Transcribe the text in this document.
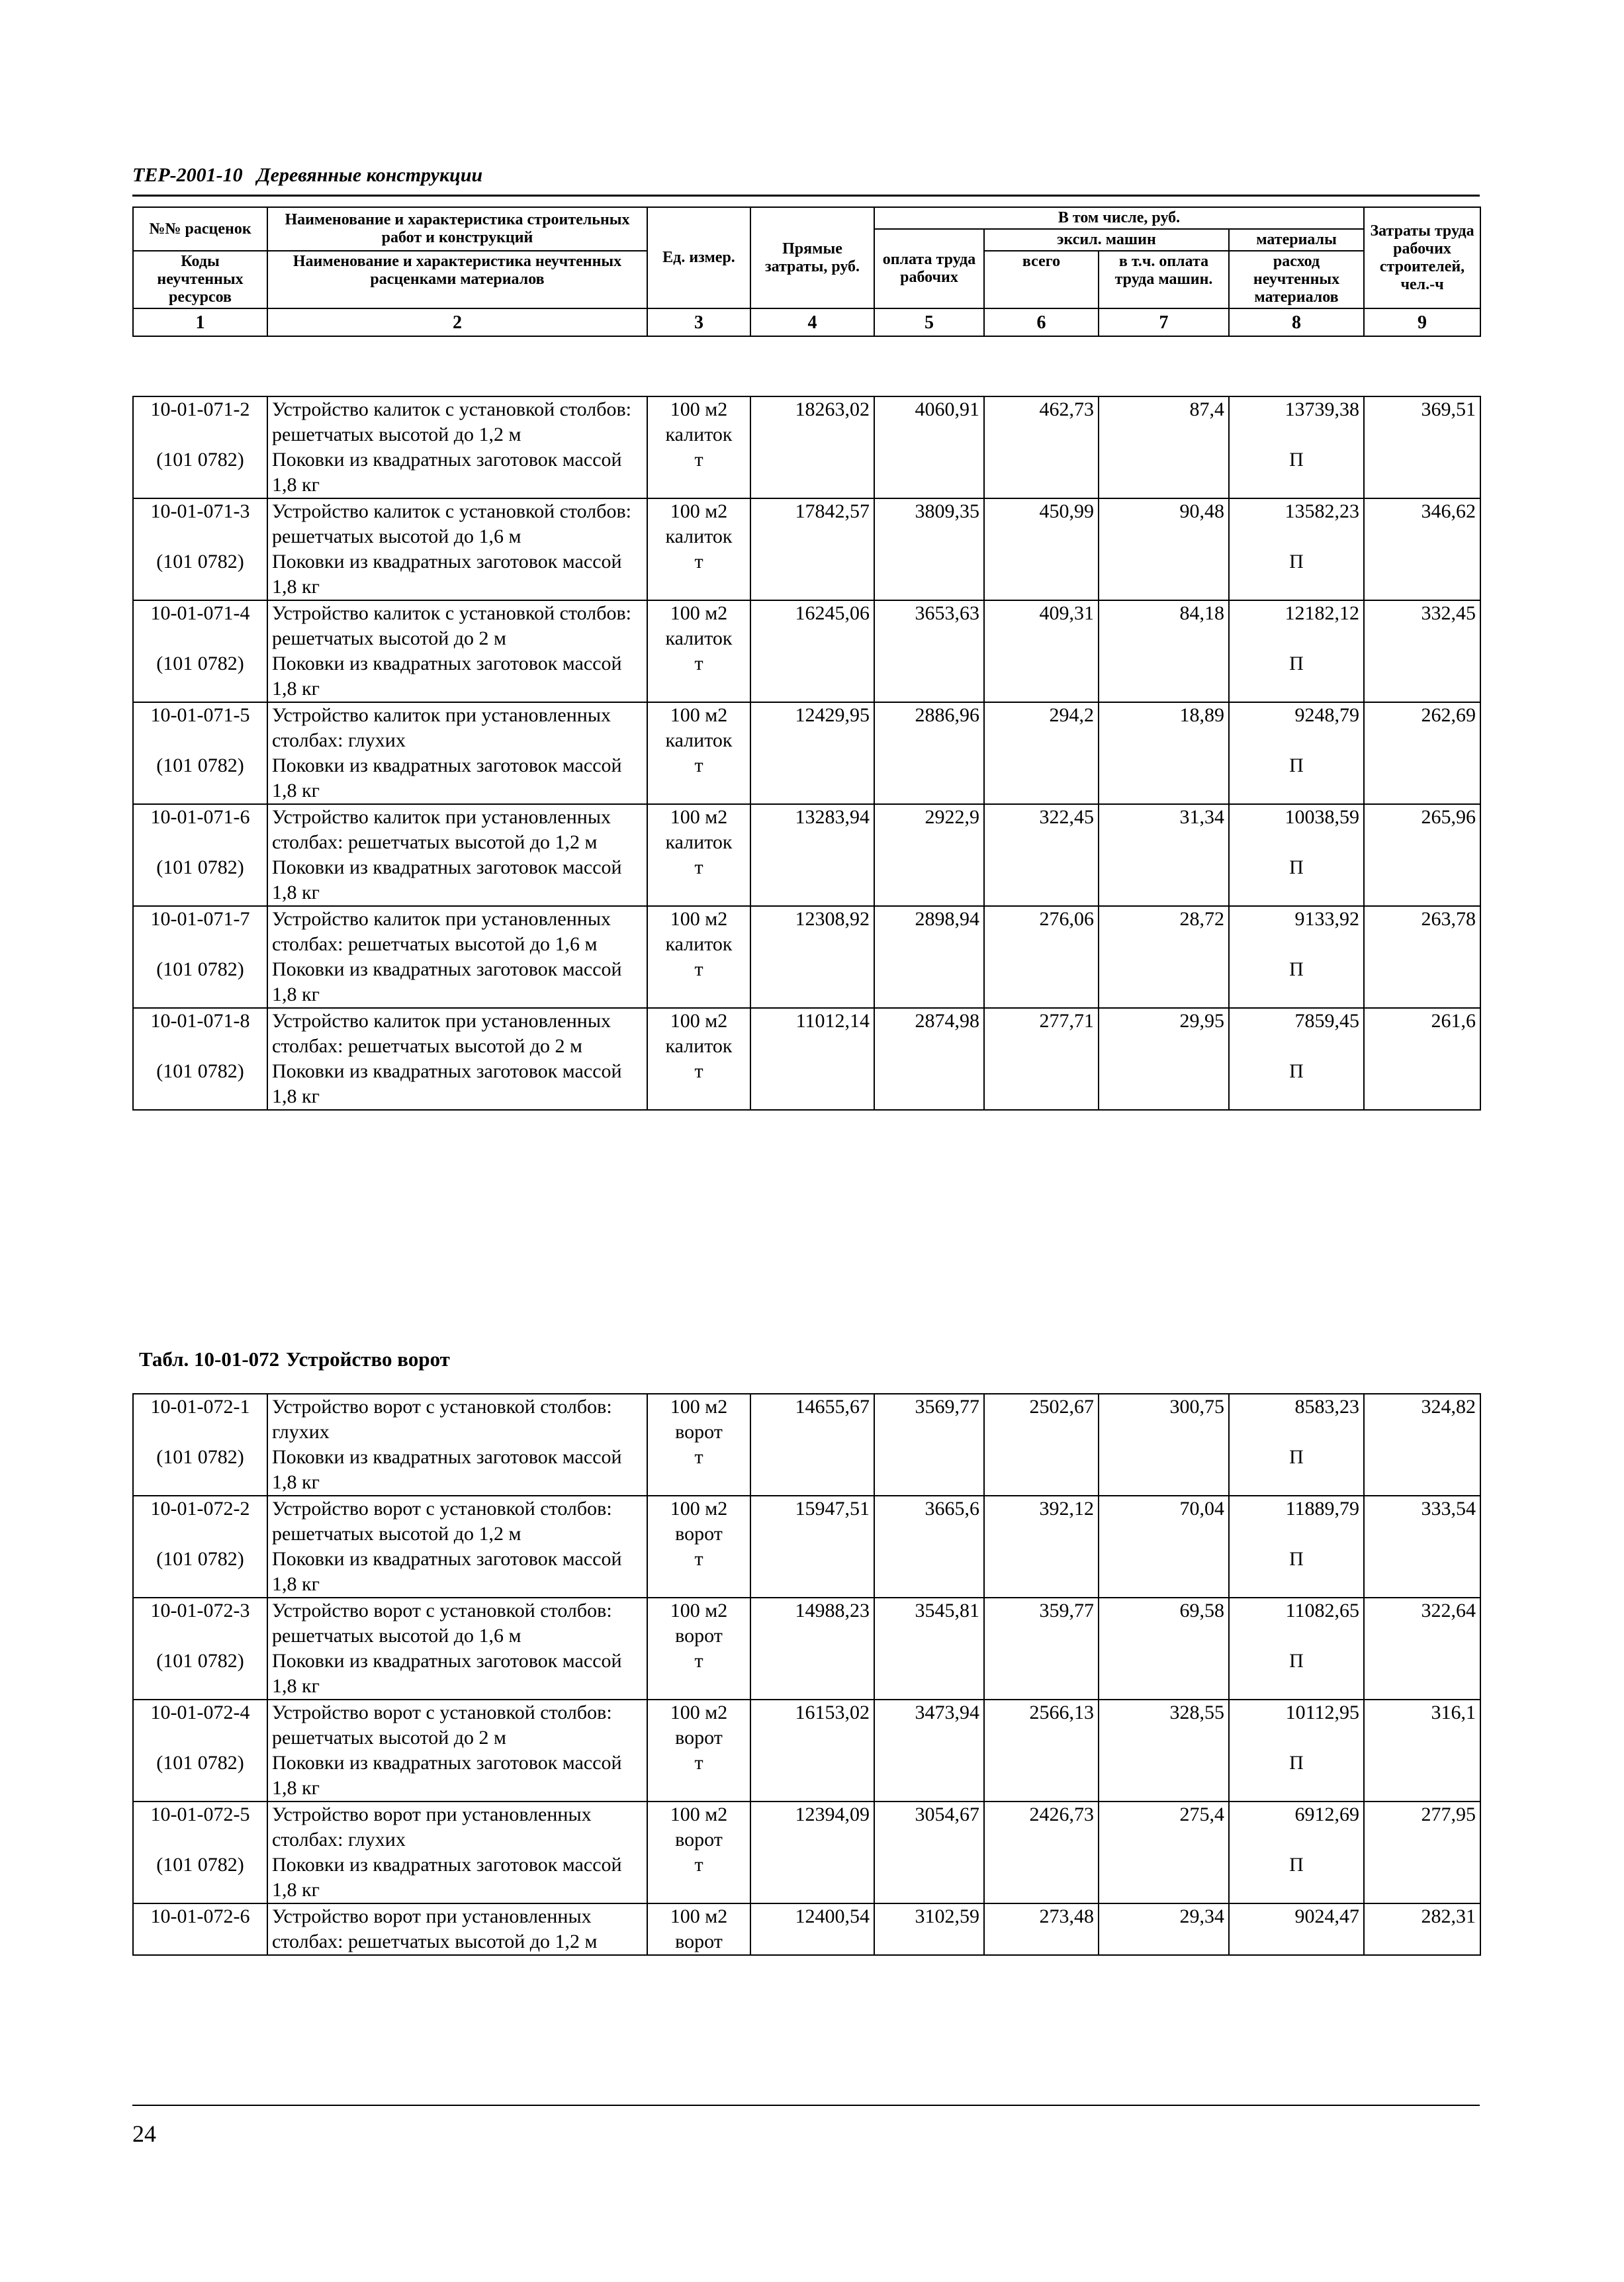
ТЕР-2001-10 Деревянные конструкции
№№ расценок	Наименование и характеристика строительных работ и конструкций	Ед. измер.	Прямые затраты, руб.	В том числе, руб.				Затраты труда рабочих строителей, чел.-ч
				оплата труда рабочих	эксил. машин		материалы	
Коды неучтенных ресурсов	Наименование и характеристика неучтенных расценками материалов				всего	в т.ч. оплата труда машин.	расход неучтенных материалов	
1	2	3	4	5	6	7	8	9
10-01-071-2	Устройство калиток с установкой столбов: решетчатых высотой до 1,2 м	100 м2 калиток	18263,02	4060,91	462,73	87,4	13739,38	369,51
(101 0782)	Поковки из квадратных заготовок массой 1,8 кг	т					П	
10-01-071-3	Устройство калиток с установкой столбов: решетчатых высотой до 1,6 м	100 м2 калиток	17842,57	3809,35	450,99	90,48	13582,23	346,62
(101 0782)	Поковки из квадратных заготовок массой 1,8 кг	т					П	
10-01-071-4	Устройство калиток с установкой столбов: решетчатых высотой до 2 м	100 м2 калиток	16245,06	3653,63	409,31	84,18	12182,12	332,45
(101 0782)	Поковки из квадратных заготовок массой 1,8 кг	т					П	
10-01-071-5	Устройство калиток при установленных столбах: глухих	100 м2 калиток	12429,95	2886,96	294,2	18,89	9248,79	262,69
(101 0782)	Поковки из квадратных заготовок массой 1,8 кг	т					П	
10-01-071-6	Устройство калиток при установленных столбах: решетчатых высотой до 1,2 м	100 м2 калиток	13283,94	2922,9	322,45	31,34	10038,59	265,96
(101 0782)	Поковки из квадратных заготовок массой 1,8 кг	т					П	
10-01-071-7	Устройство калиток при установленных столбах: решетчатых высотой до 1,6 м	100 м2 калиток	12308,92	2898,94	276,06	28,72	9133,92	263,78
(101 0782)	Поковки из квадратных заготовок массой 1,8 кг	т					П	
10-01-071-8	Устройство калиток при установленных столбах: решетчатых высотой до 2 м	100 м2 калиток	11012,14	2874,98	277,71	29,95	7859,45	261,6
(101 0782)	Поковки из квадратных заготовок массой 1,8 кг	т					П	
Табл. 10-01-072 Устройство ворот
10-01-072-1	Устройство ворот с установкой столбов: глухих	100 м2 ворот	14655,67	3569,77	2502,67	300,75	8583,23	324,82
(101 0782)	Поковки из квадратных заготовок массой 1,8 кг	т					П	
10-01-072-2	Устройство ворот с установкой столбов: решетчатых высотой до 1,2 м	100 м2 ворот	15947,51	3665,6	392,12	70,04	11889,79	333,54
(101 0782)	Поковки из квадратных заготовок массой 1,8 кг	т					П	
10-01-072-3	Устройство ворот с установкой столбов: решетчатых высотой до 1,6 м	100 м2 ворот	14988,23	3545,81	359,77	69,58	11082,65	322,64
(101 0782)	Поковки из квадратных заготовок массой 1,8 кг	т					П	
10-01-072-4	Устройство ворот с установкой столбов: решетчатых высотой до 2 м	100 м2 ворот	16153,02	3473,94	2566,13	328,55	10112,95	316,1
(101 0782)	Поковки из квадратных заготовок массой 1,8 кг	т					П	
10-01-072-5	Устройство ворот при установленных столбах: глухих	100 м2 ворот	12394,09	3054,67	2426,73	275,4	6912,69	277,95
(101 0782)	Поковки из квадратных заготовок массой 1,8 кг	т					П	
10-01-072-6	Устройство ворот при установленных столбах: решетчатых высотой до 1,2 м	100 м2 ворот	12400,54	3102,59	273,48	29,34	9024,47	282,31
24
